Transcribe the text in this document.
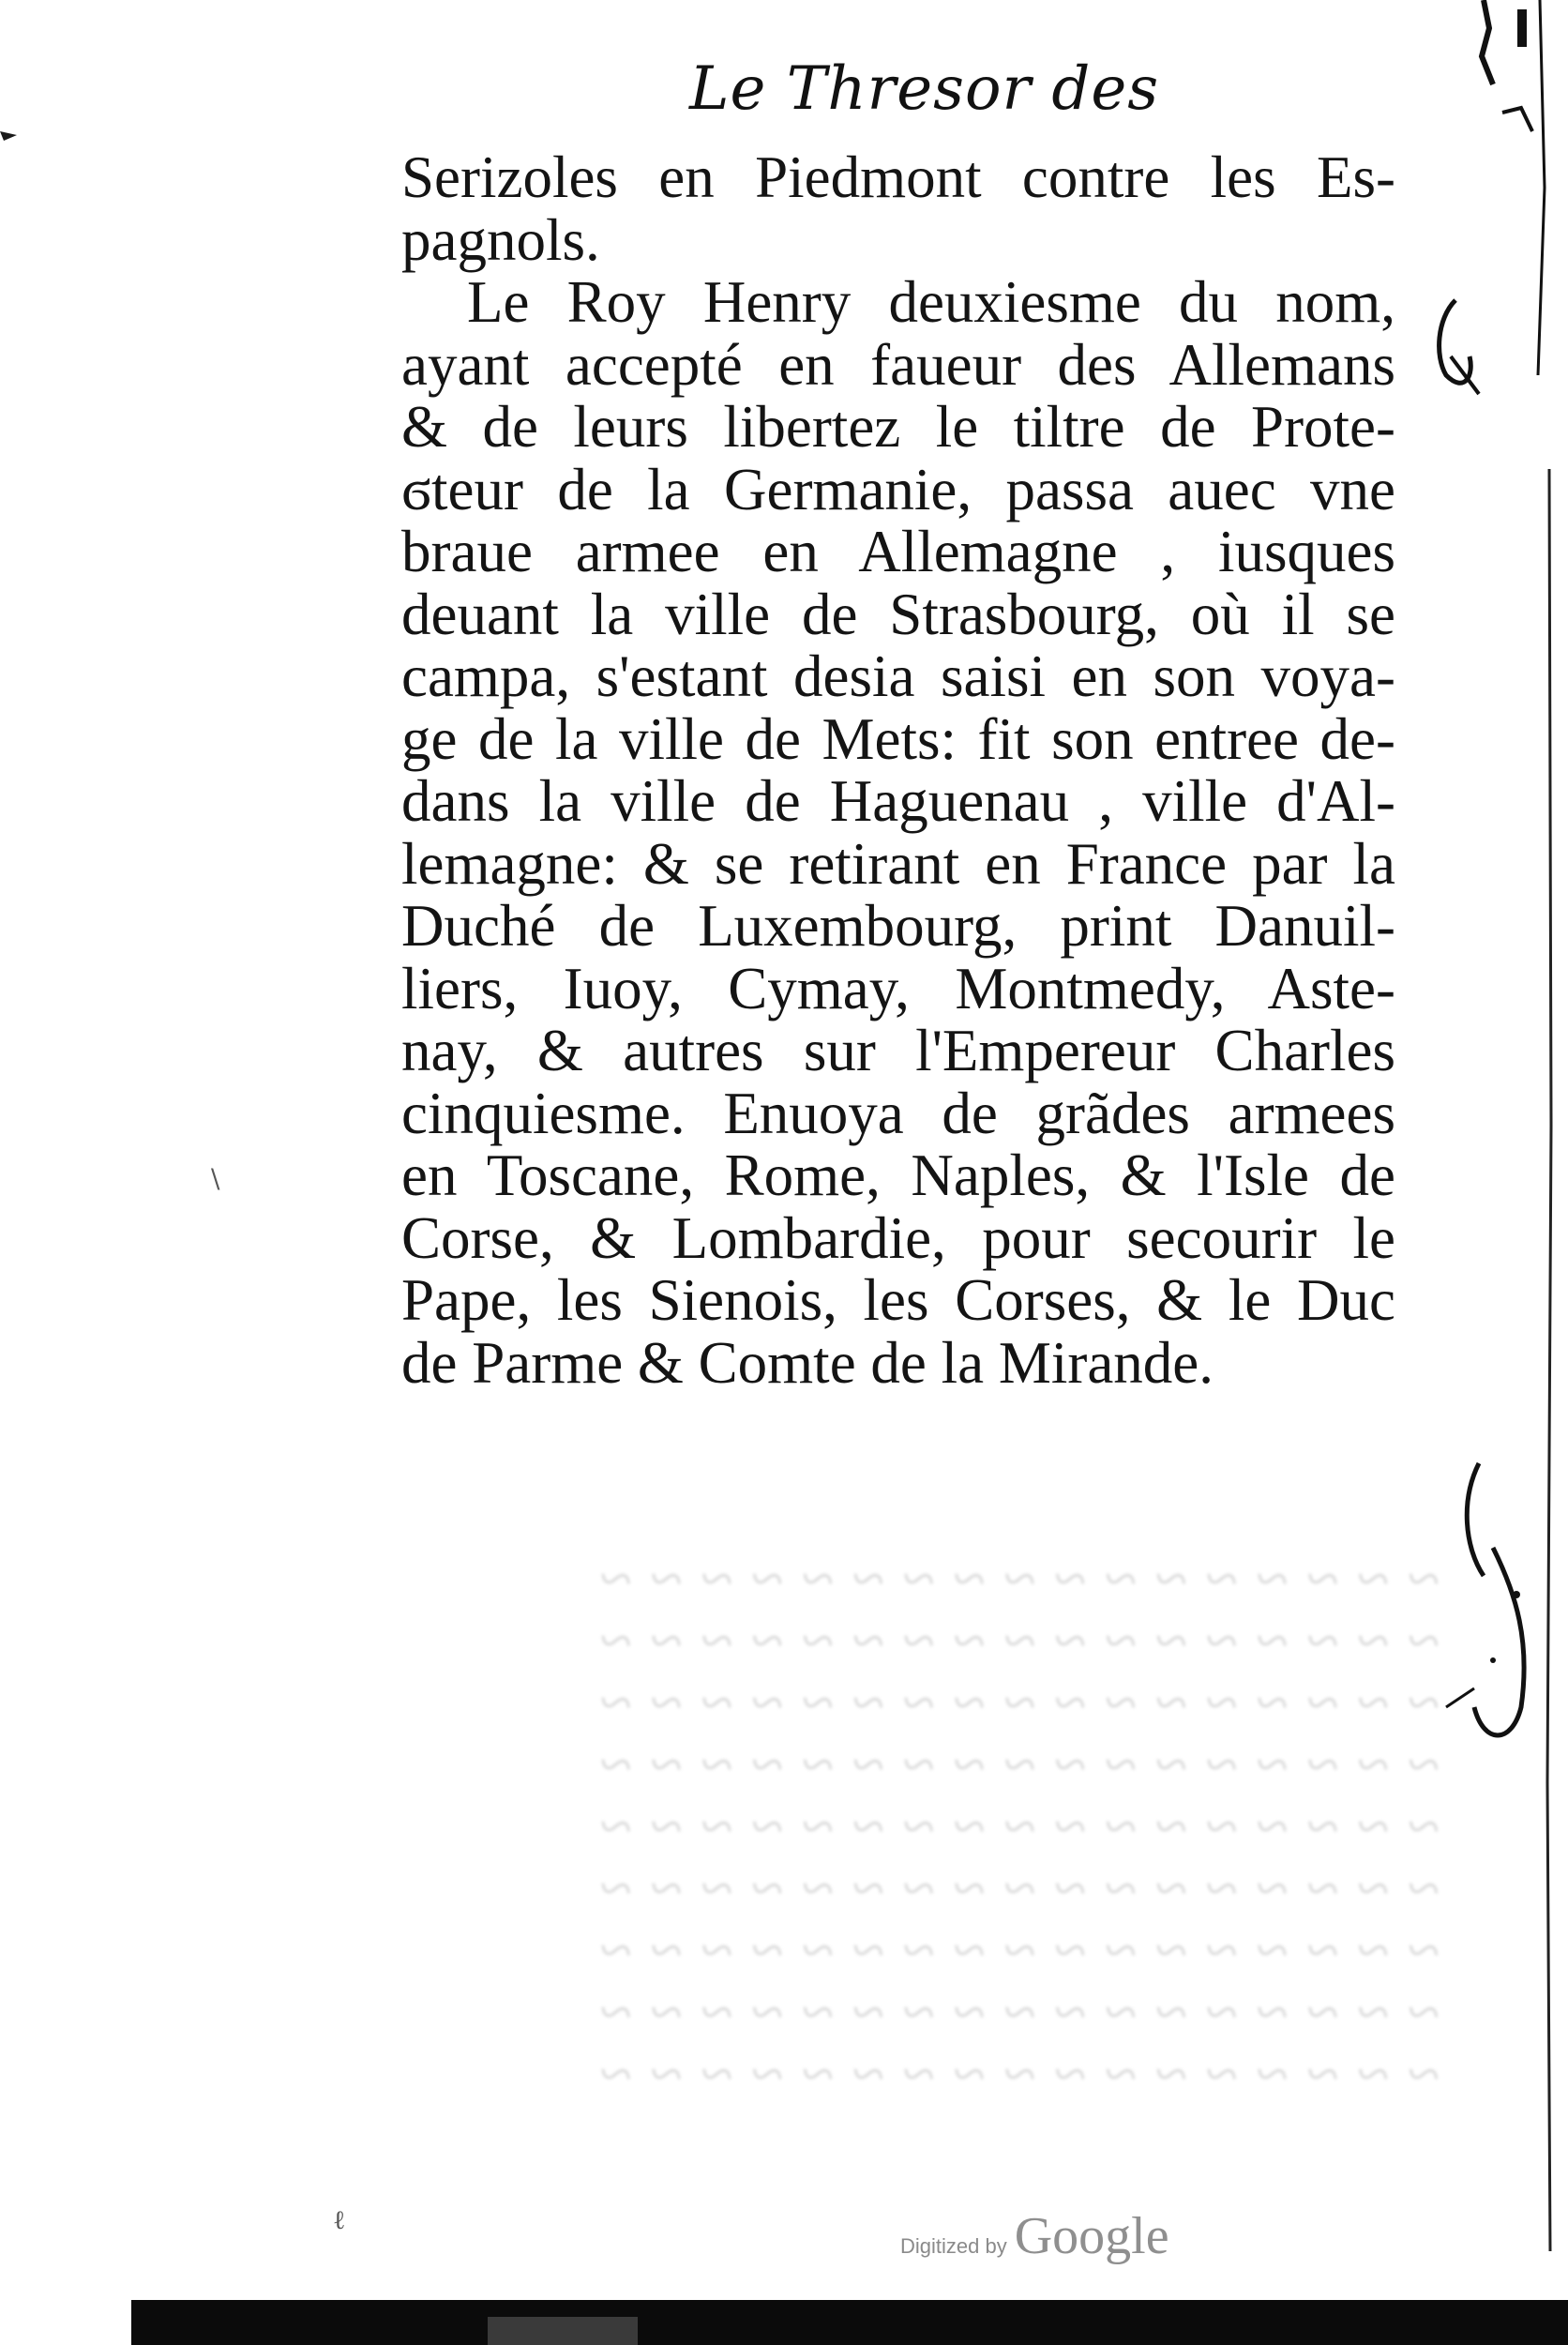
Le Thresor des
Serizoles en Piedmont contre les Es-
pagnols.
Le Roy Henry deuxiesme du nom,
ayant accepté en faueur des Allemans
& de leurs libertez le tiltre de Prote-
ϭteur de la Germanie, passa auec vne
braue armee en Allemagne , iusques
deuant la ville de Strasbourg, où il se
campa, s'estant desia saisi en son voya-
ge de la ville de Mets: fit son entree de-
dans la ville de Haguenau , ville d'Al-
lemagne: & se retirant en France par la
Duché de Luxembourg, print Danuil-
liers, Iuoy, Cymay, Montmedy, Aste-
nay, & autres sur l'Empereur Charles
cinquiesme. Enuoya de grãdes armees
en Toscane, Rome, Naples, & l'Isle de
Corse, & Lombardie, pour secourir le
Pape, les Sienois, les Corses, & le Duc
de Parme & Comte de la Mirande.
~ ~ ~ ~ ~ ~ ~ ~ ~ ~ ~ ~ ~ ~ ~ ~ ~
~ ~ ~ ~ ~ ~ ~ ~ ~ ~ ~ ~ ~ ~ ~ ~ ~
~ ~ ~ ~ ~ ~ ~ ~ ~ ~ ~ ~ ~ ~ ~ ~ ~
~ ~ ~ ~ ~ ~ ~ ~ ~ ~ ~ ~ ~ ~ ~ ~ ~
~ ~ ~ ~ ~ ~ ~ ~ ~ ~ ~ ~ ~ ~ ~ ~ ~
~ ~ ~ ~ ~ ~ ~ ~ ~ ~ ~ ~ ~ ~ ~ ~ ~
~ ~ ~ ~ ~ ~ ~ ~ ~ ~ ~ ~ ~ ~ ~ ~ ~
~ ~ ~ ~ ~ ~ ~ ~ ~ ~ ~ ~ ~ ~ ~ ~ ~
~ ~ ~ ~ ~ ~ ~ ~ ~ ~ ~ ~ ~ ~ ~ ~ ~
ℓ
\
Digitized by Google
